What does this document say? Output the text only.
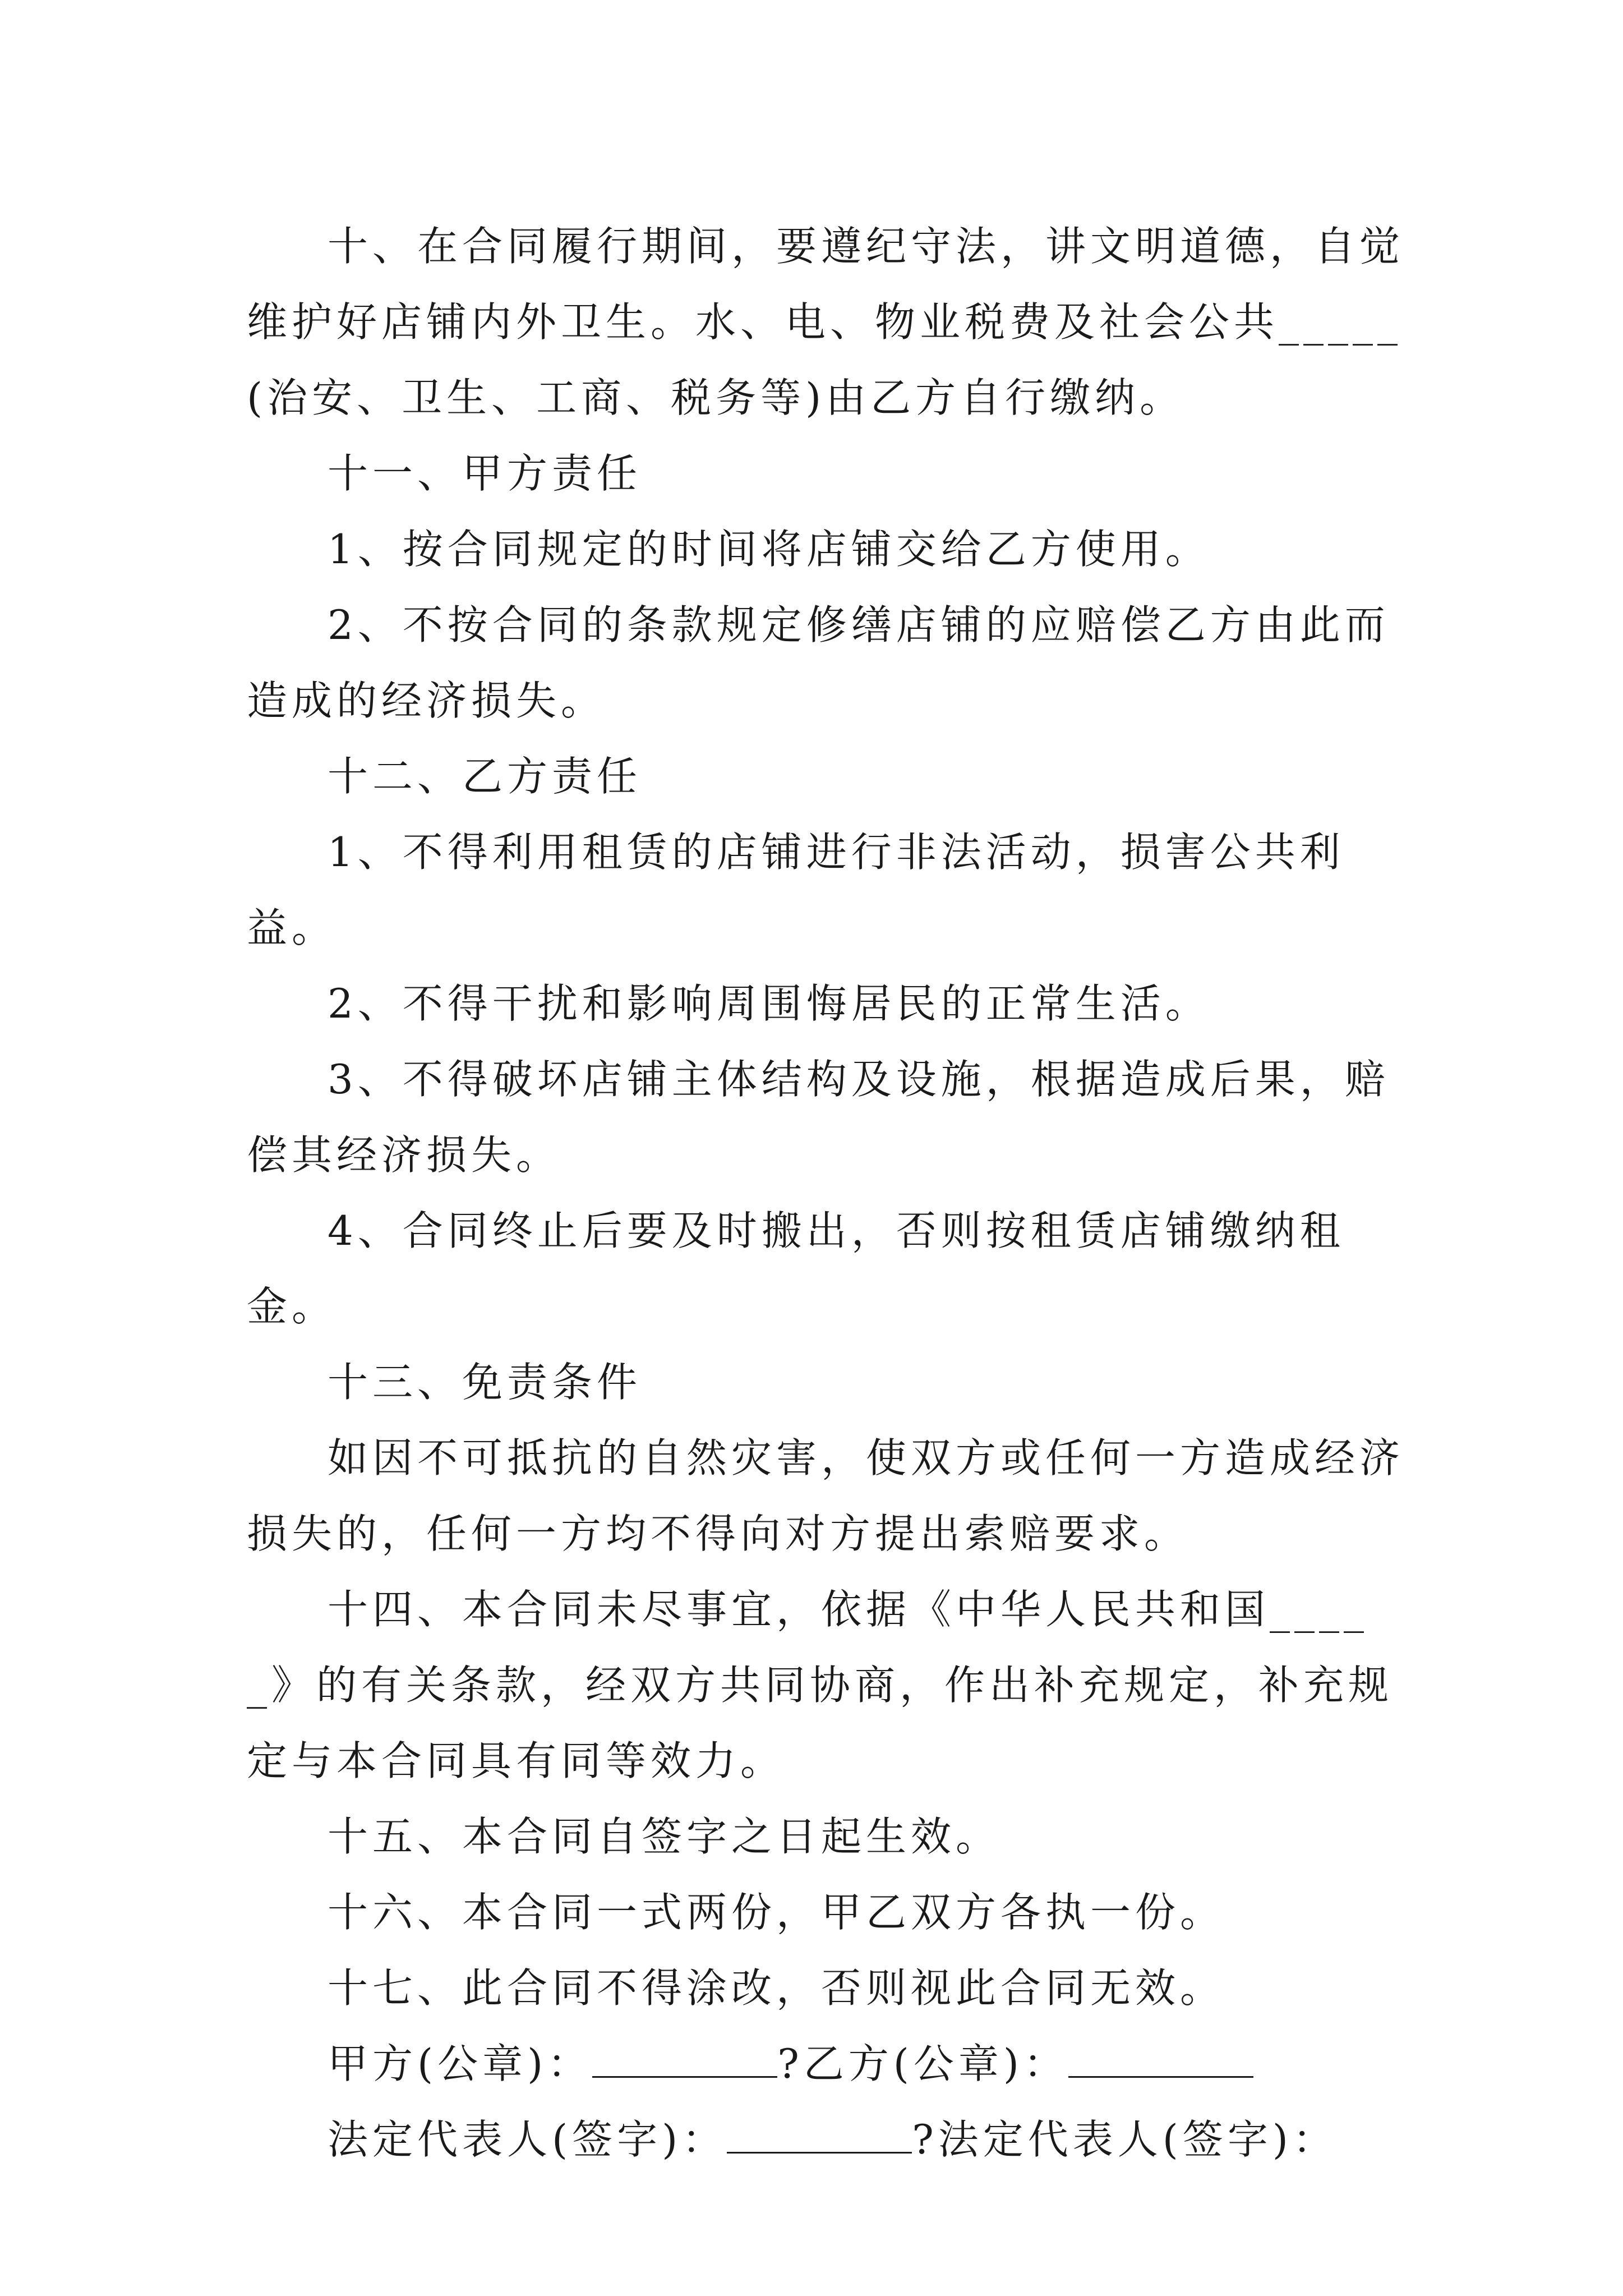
十、在合同履行期间，要遵纪守法，讲文明道德，自觉维护好店铺内外卫生。水、电、物业税费及社会公共_____(治安、卫生、工商、税务等)由乙方自行缴纳。

十一、甲方责任

1、按合同规定的时间将店铺交给乙方使用。

2、不按合同的条款规定修缮店铺的应赔偿乙方由此而造成的经济损失。

十二、乙方责任

1、不得利用租赁的店铺进行非法活动，损害公共利益。

2、不得干扰和影响周围悔居民的正常生活。

3、不得破坏店铺主体结构及设施，根据造成后果，赔偿其经济损失。

4、合同终止后要及时搬出，否则按租赁店铺缴纳租金。

十三、免责条件

如因不可抵抗的自然灾害，使双方或任何一方造成经济损失的，任何一方均不得向对方提出索赔要求。

十四、本合同未尽事宜，依据《中华人民共和国_____》的有关条款，经双方共同协商，作出补充规定，补充规定与本合同具有同等效力。

十五、本合同自签字之日起生效。

十六、本合同一式两份，甲乙双方各执一份。

十七、此合同不得涂改，否则视此合同无效。

甲方(公章)：	?乙方(公章)：

法定代表人(签字)：	?法定代表人(签字)：
